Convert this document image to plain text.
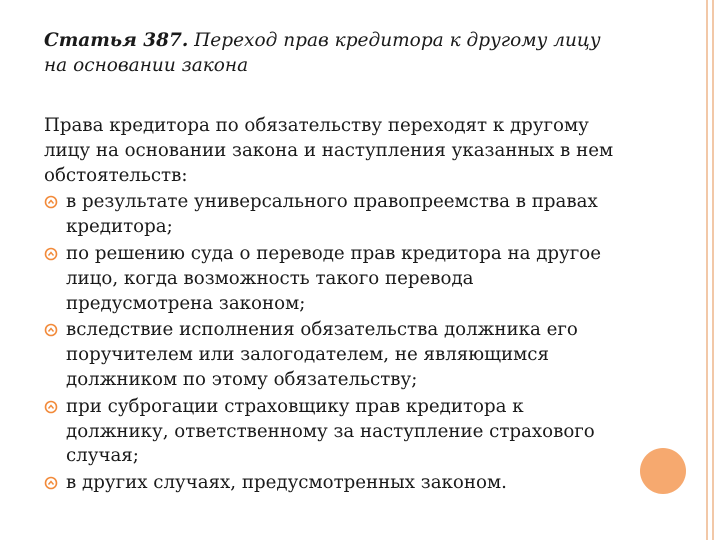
Статья 387. Переход прав кредитора к другому лицу на основании закона

Права кредитора по обязательству переходят к другому лицу на основании закона и наступления указанных в нем обстоятельств:

в результате универсального правопреемства в правах кредитора;
по решению суда о переводе прав кредитора на другое лицо, когда возможность такого перевода предусмотрена законом;
вследствие исполнения обязательства должника его поручителем или залогодателем, не являющимся должником по этому обязательству;
при суброгации страховщику прав кредитора к должнику, ответственному за наступление страхового случая;
в других случаях, предусмотренных законом.
